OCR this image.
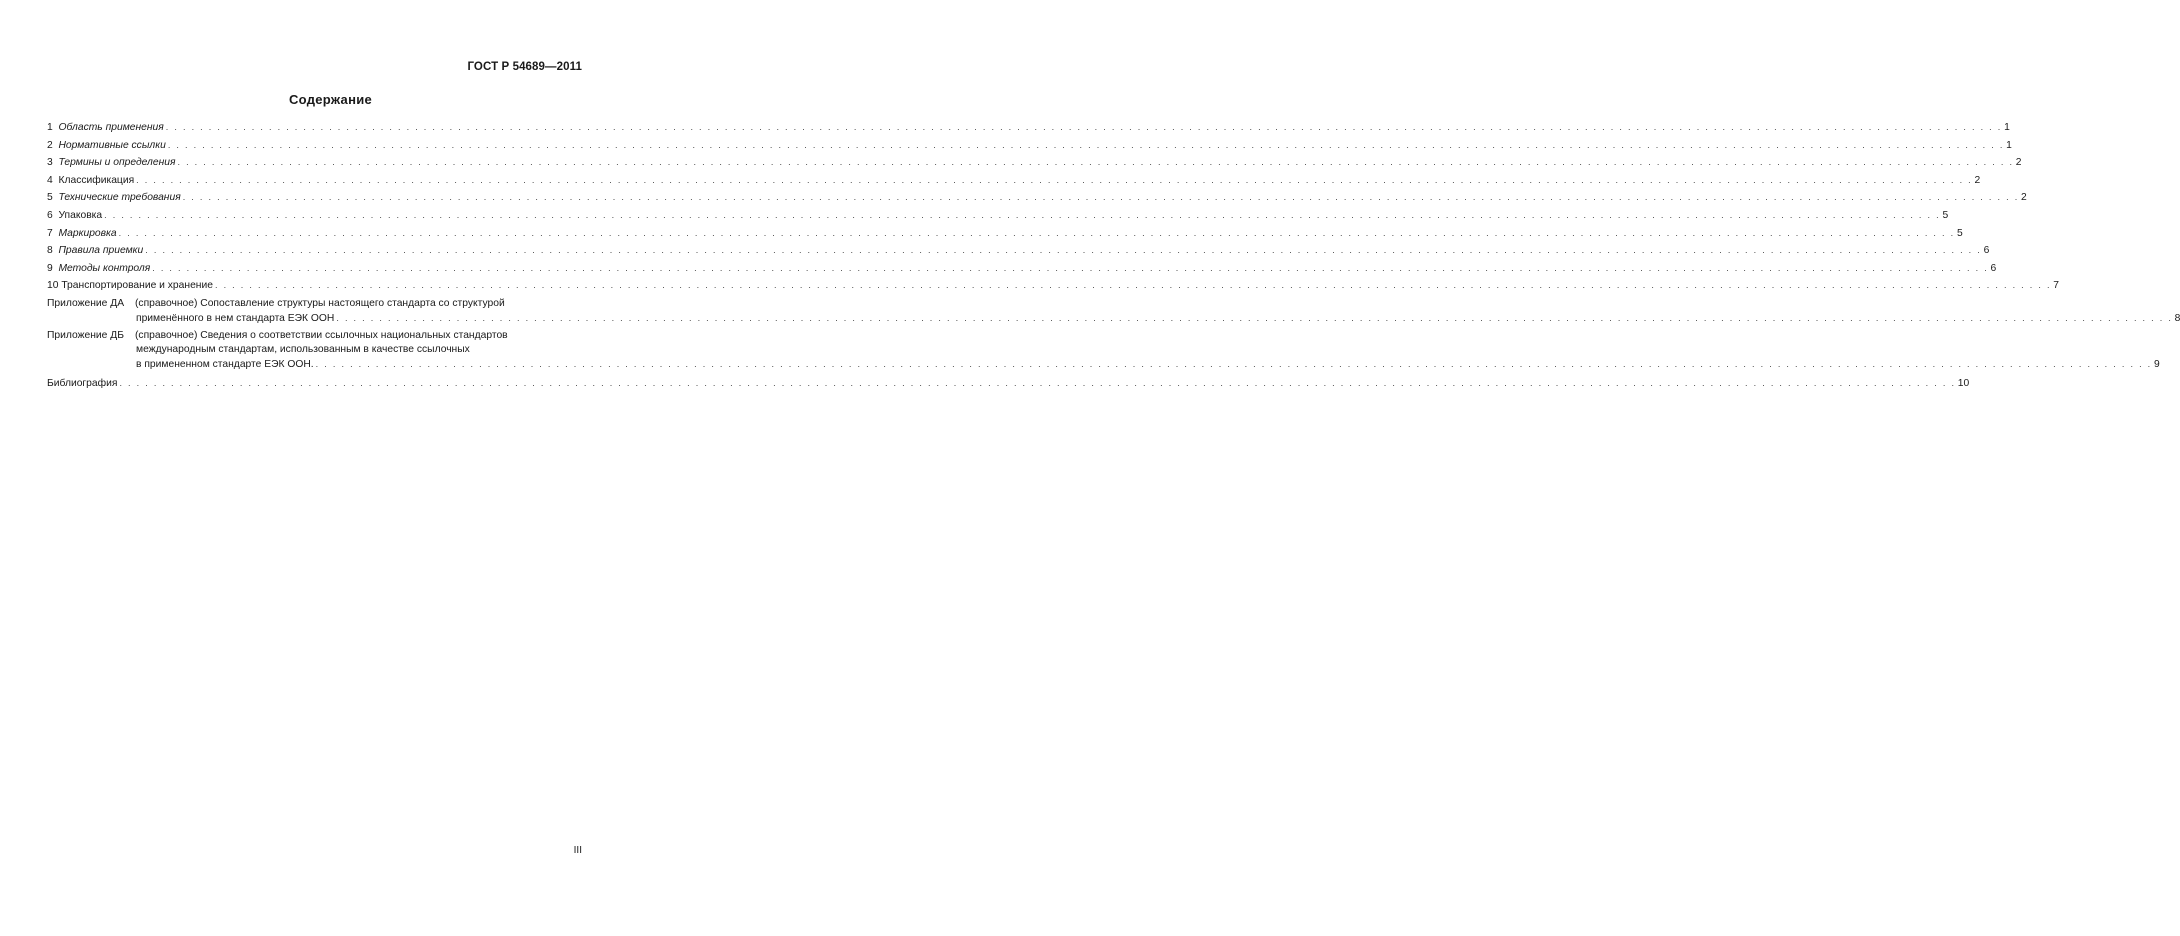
ГОСТ Р 54689—2011
Содержание
1 Область применения . . .	1
2 Нормативные ссылки . . .	1
3 Термины и определения . . .	2
4 Классификация . . .	2
5 Технические требования . . .	2
6 Упаковка . . .	5
7 Маркировка . . .	5
8 Правила приемки . . .	6
9 Методы контроля . . .	6
10 Транспортирование и хранение . . .	7
Приложение ДА	(справочное) Сопоставление структуры настоящего стандарта со структурой
применённого в нем стандарта ЕЭК ООН . . .	8
Приложение ДБ	(справочное) Сведения о соответствии ссылочных национальных стандартов
международным стандартам, использованным в качестве ссылочных
в примененном стандарте ЕЭК ООН. . . .	9
Библиография . . .	10
III
